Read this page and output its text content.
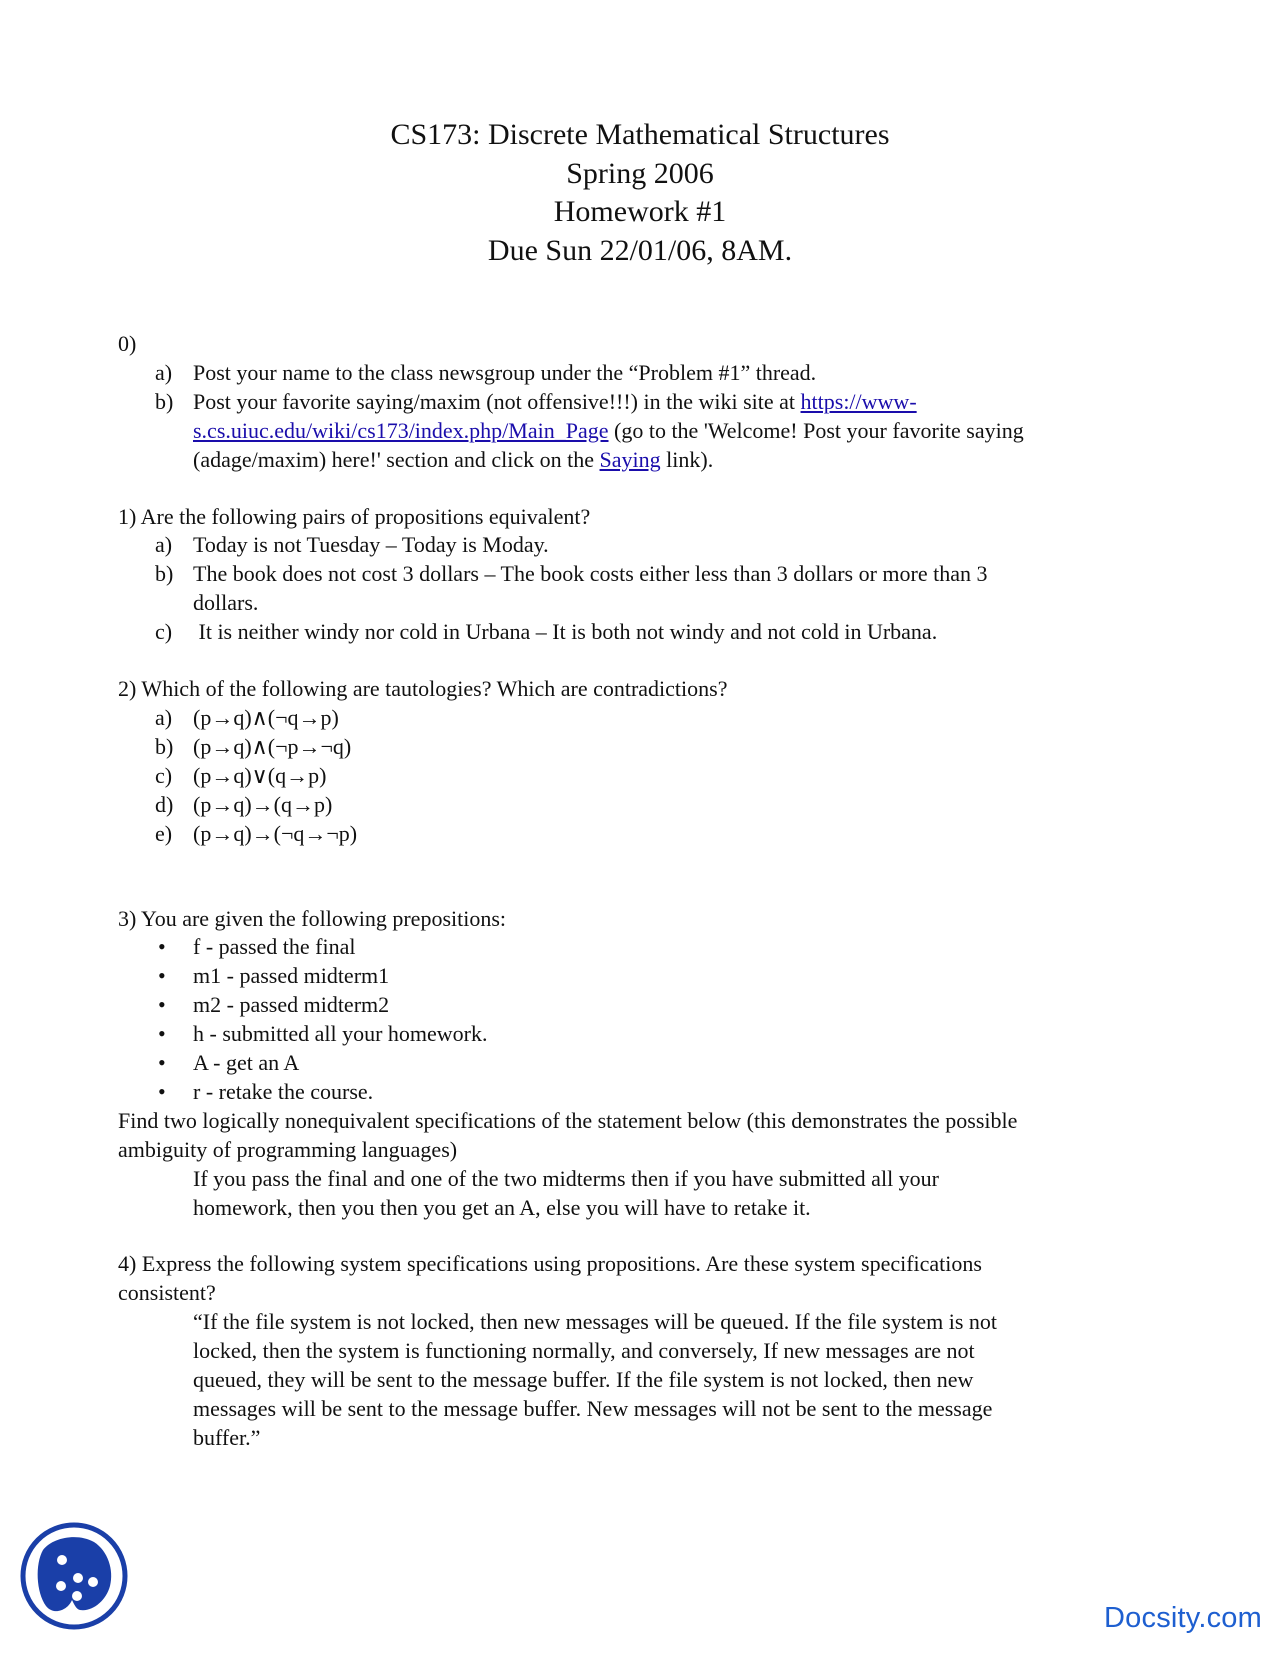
CS173: Discrete Mathematical Structures
Spring 2006
Homework #1
Due Sun 22/01/06, 8AM.
0)
a) Post your name to the class newsgroup under the “Problem #1” thread.
b) Post your favorite saying/maxim (not offensive!!!) in the wiki site at https://www-
s.cs.uiuc.edu/wiki/cs173/index.php/Main_Page (go to the 'Welcome! Post your favorite saying
(adage/maxim) here!' section and click on the Saying link).
1) Are the following pairs of propositions equivalent?
a) Today is not Tuesday – Today is Moday.
b) The book does not cost 3 dollars – The book costs either less than 3 dollars or more than 3
dollars.
c) It is neither windy nor cold in Urbana – It is both not windy and not cold in Urbana.
2) Which of the following are tautologies? Which are contradictions?
a) (p→q)∧(¬q→p)
b) (p→q)∧(¬p→¬q)
c) (p→q)∨(q→p)
d) (p→q)→(q→p)
e) (p→q)→(¬q→¬p)
3) You are given the following prepositions:
• f - passed the final
• m1 - passed midterm1
• m2 - passed midterm2
• h - submitted all your homework.
• A - get an A
• r - retake the course.
Find two logically nonequivalent specifications of the statement below (this demonstrates the possible
ambiguity of programming languages)
If you pass the final and one of the two midterms then if you have submitted all your
homework, then you then you get an A, else you will have to retake it.
4) Express the following system specifications using propositions. Are these system specifications
consistent?
“If the file system is not locked, then new messages will be queued. If the file system is not
locked, then the system is functioning normally, and conversely, If new messages are not
queued, they will be sent to the message buffer. If the file system is not locked, then new
messages will be sent to the message buffer. New messages will not be sent to the message
buffer.”
Docsity.com
